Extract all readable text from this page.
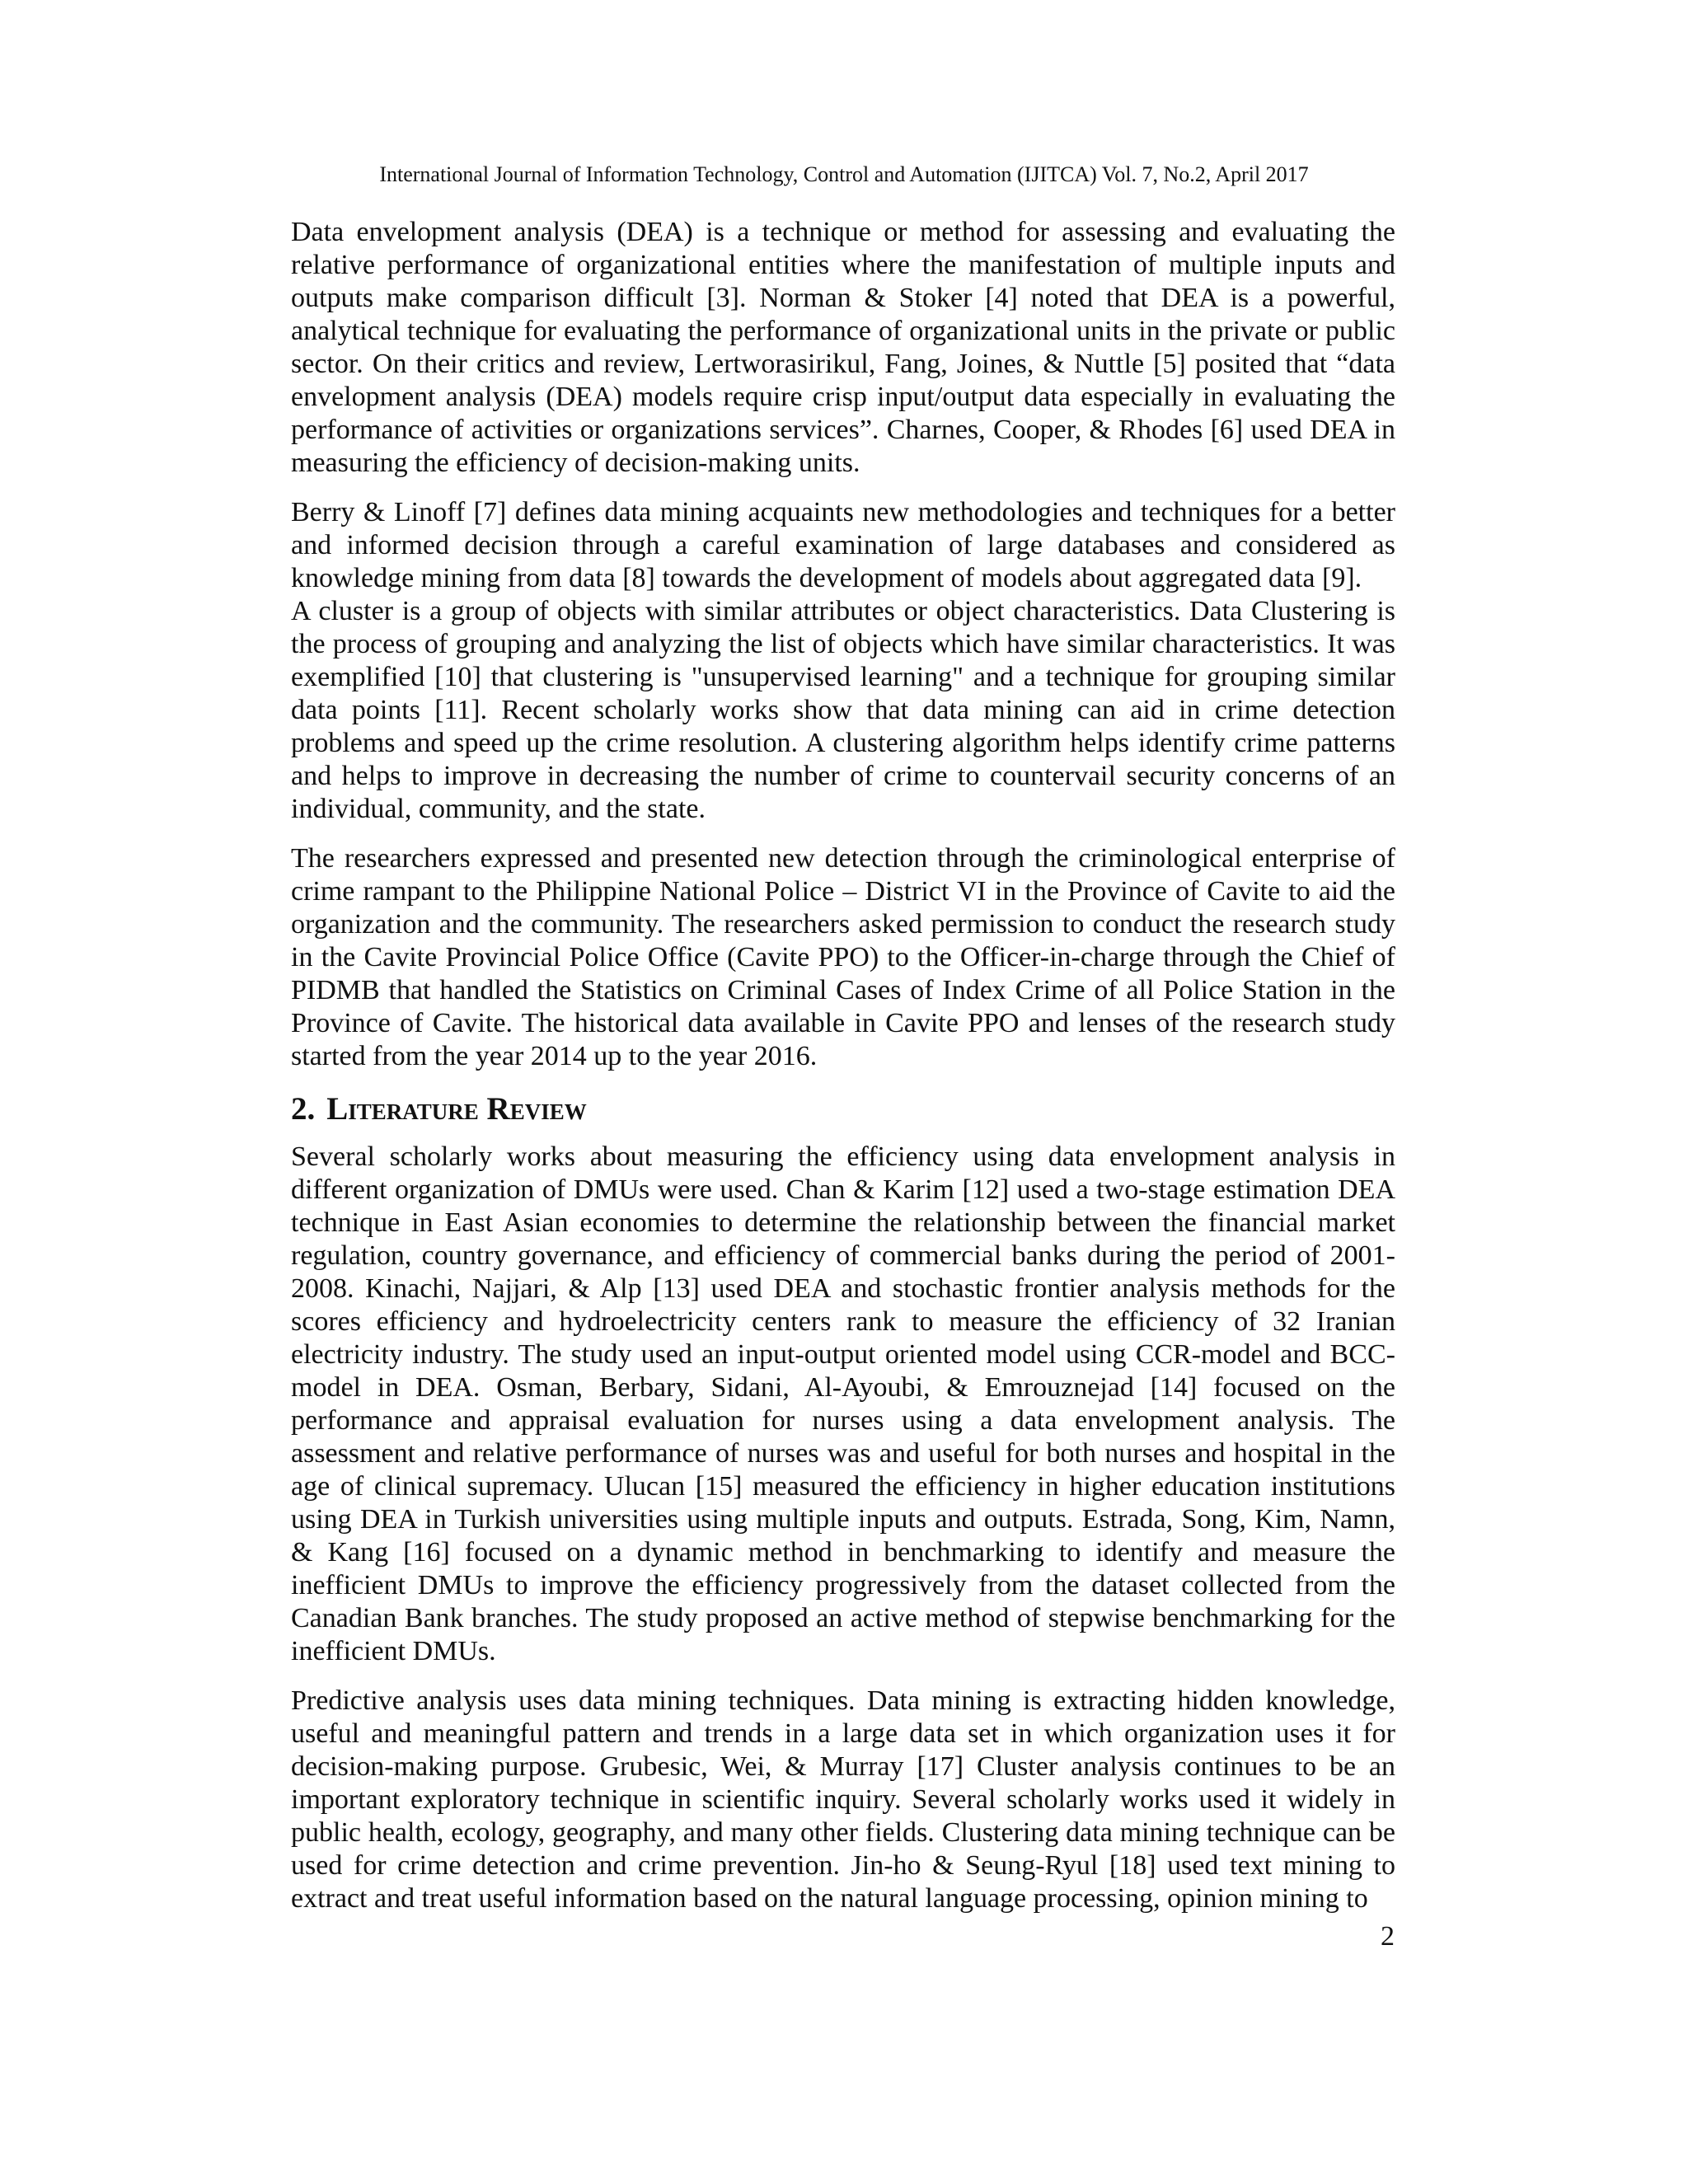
International Journal of Information Technology, Control and Automation (IJITCA) Vol. 7, No.2, April 2017

Data envelopment analysis (DEA) is a technique or method for assessing and evaluating the relative performance of organizational entities where the manifestation of multiple inputs and outputs make comparison difficult [3]. Norman & Stoker [4] noted that DEA is a powerful, analytical technique for evaluating the performance of organizational units in the private or public sector. On their critics and review, Lertworasirikul, Fang, Joines, & Nuttle [5] posited that “data envelopment analysis (DEA) models require crisp input/output data especially in evaluating the performance of activities or organizations services”. Charnes, Cooper, & Rhodes [6] used DEA in measuring the efficiency of decision-making units.

Berry & Linoff [7] defines data mining acquaints new methodologies and techniques for a better and informed decision through a careful examination of large databases and considered as knowledge mining from data [8] towards the development of models about aggregated data [9].

A cluster is a group of objects with similar attributes or object characteristics. Data Clustering is the process of grouping and analyzing the list of objects which have similar characteristics. It was exemplified [10] that clustering is "unsupervised learning" and a technique for grouping similar data points [11]. Recent scholarly works show that data mining can aid in crime detection problems and speed up the crime resolution. A clustering algorithm helps identify crime patterns and helps to improve in decreasing the number of crime to countervail security concerns of an individual, community, and the state.

The researchers expressed and presented new detection through the criminological enterprise of crime rampant to the Philippine National Police – District VI in the Province of Cavite to aid the organization and the community. The researchers asked permission to conduct the research study in the Cavite Provincial Police Office (Cavite PPO) to the Officer-in-charge through the Chief of PIDMB that handled the Statistics on Criminal Cases of Index Crime of all Police Station in the Province of Cavite. The historical data available in Cavite PPO and lenses of the research study started from the year 2014 up to the year 2016.

2. Literature Review

Several scholarly works about measuring the efficiency using data envelopment analysis in different organization of DMUs were used. Chan & Karim [12] used a two-stage estimation DEA technique in East Asian economies to determine the relationship between the financial market regulation, country governance, and efficiency of commercial banks during the period of 2001-2008. Kinachi, Najjari, & Alp [13] used DEA and stochastic frontier analysis methods for the scores efficiency and hydroelectricity centers rank to measure the efficiency of 32 Iranian electricity industry. The study used an input-output oriented model using CCR-model and BCC-model in DEA. Osman, Berbary, Sidani, Al-Ayoubi, & Emrouznejad [14] focused on the performance and appraisal evaluation for nurses using a data envelopment analysis. The assessment and relative performance of nurses was and useful for both nurses and hospital in the age of clinical supremacy. Ulucan [15] measured the efficiency in higher education institutions using DEA in Turkish universities using multiple inputs and outputs. Estrada, Song, Kim, Namn, & Kang [16] focused on a dynamic method in benchmarking to identify and measure the inefficient DMUs to improve the efficiency progressively from the dataset collected from the Canadian Bank branches. The study proposed an active method of stepwise benchmarking for the inefficient DMUs.

Predictive analysis uses data mining techniques. Data mining is extracting hidden knowledge, useful and meaningful pattern and trends in a large data set in which organization uses it for decision-making purpose. Grubesic, Wei, & Murray [17] Cluster analysis continues to be an important exploratory technique in scientific inquiry. Several scholarly works used it widely in public health, ecology, geography, and many other fields. Clustering data mining technique can be used for crime detection and crime prevention. Jin-ho & Seung-Ryul [18] used text mining to extract and treat useful information based on the natural language processing, opinion mining to

2
